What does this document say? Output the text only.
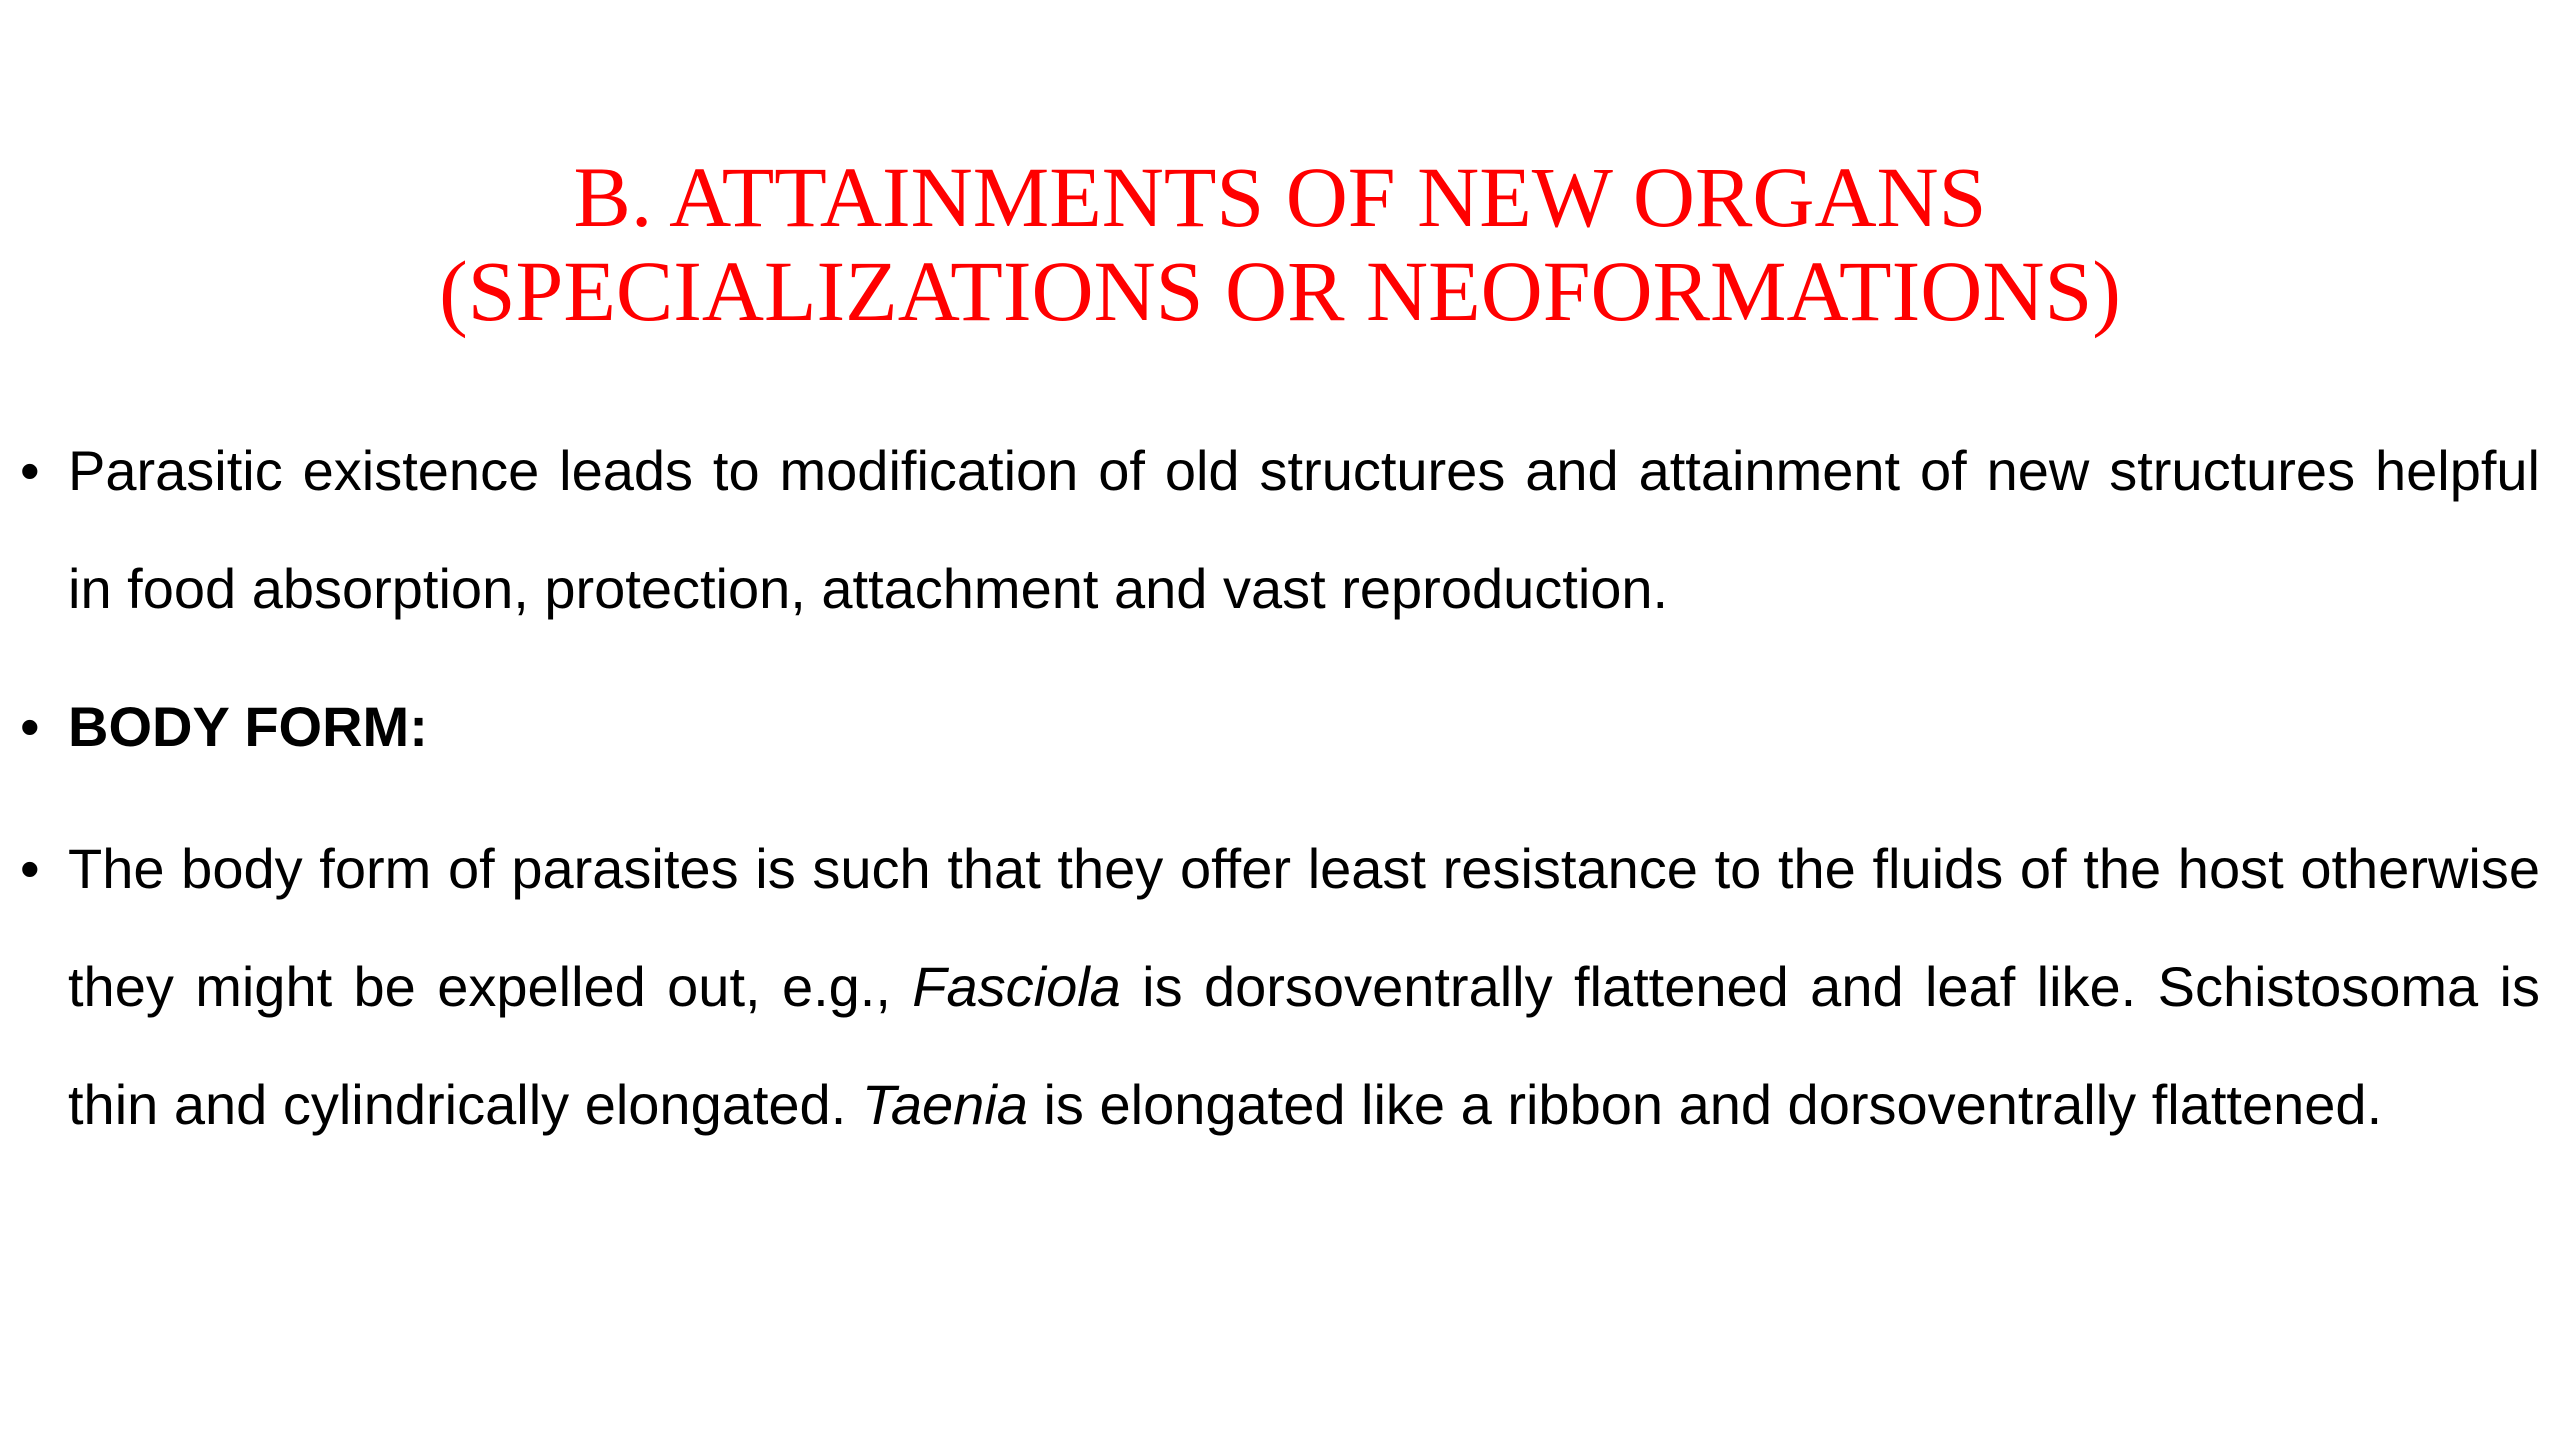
B. ATTAINMENTS OF NEW ORGANS
(SPECIALIZATIONS OR NEOFORMATIONS)

• Parasitic existence leads to modification of old structures and attainment of new structures helpful in food absorption, protection, attachment and vast reproduction.

• BODY FORM:

• The body form of parasites is such that they offer least resistance to the fluids of the host otherwise they might be expelled out, e.g., Fasciola is dorsoventrally flattened and leaf like. Schistosoma is thin and cylindrically elongated. Taenia is elongated like a ribbon and dorsoventrally flattened.
